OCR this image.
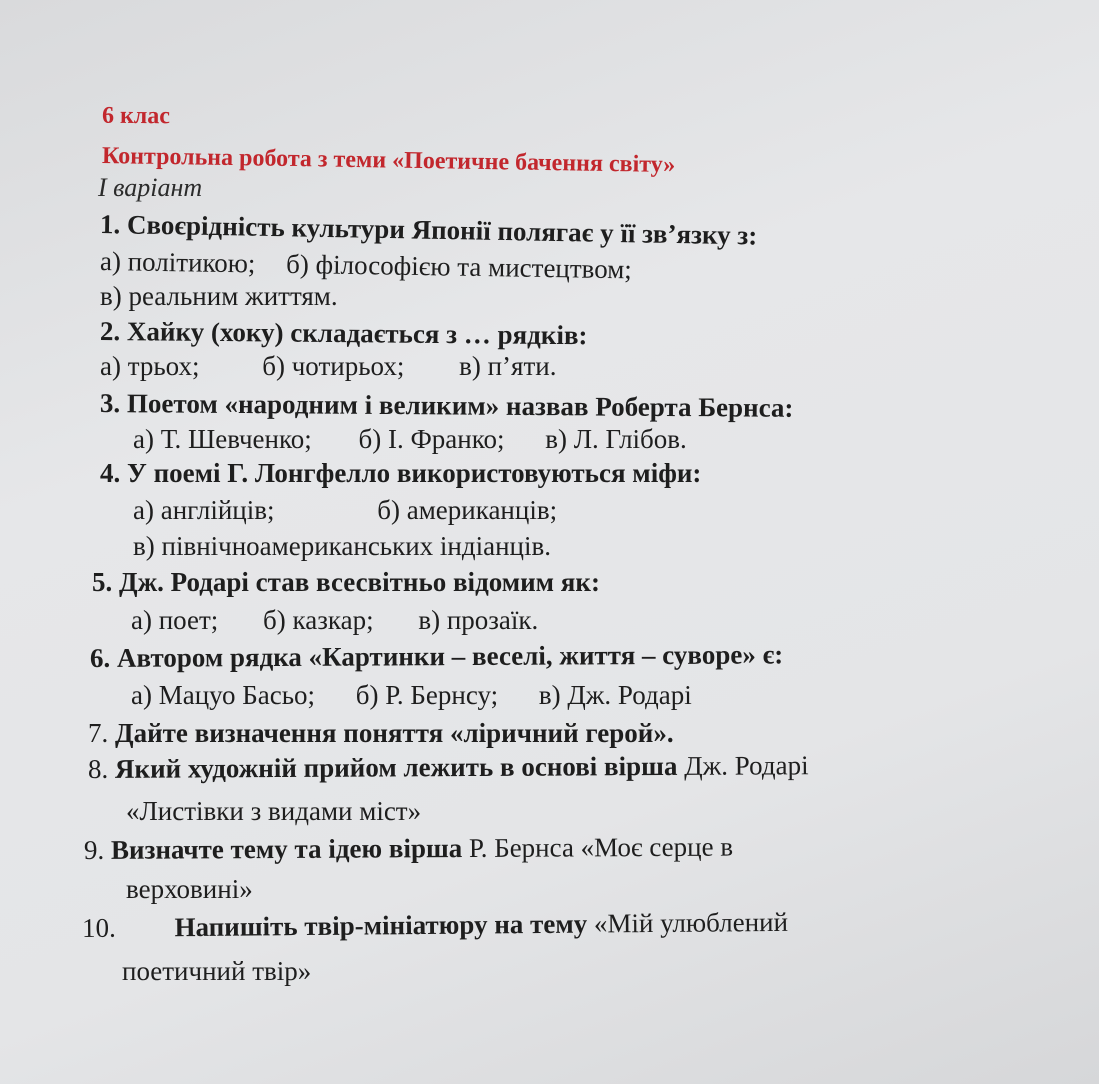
6 клас
Контрольна робота з теми «Поетичне бачення світу»
І варіант
1. Своєрідність культури Японії полягає у її зв’язку з:
а) політикою; б) філософією та мистецтвом;
в) реальним життям.
2. Хайку (хоку) складається з … рядків:
а) трьох; б) чотирьох; в) п’яти.
3. Поетом «народним і великим» назвав Роберта Бернса:
а) Т. Шевченко; б) І. Франко; в) Л. Глібов.
4. У поемі Г. Лонгфелло використовуються міфи:
а) англійців;	б) американців;
в) північноамериканських індіанців.
5. Дж. Родарі став всесвітньо відомим як:
а) поет; б) казкар; в) прозаїк.
6. Автором рядка «Картинки – веселі, життя – суворе» є:
а) Мацуо Басьо; б) Р. Бернсу; в) Дж. Родарі
7. Дайте визначення поняття «ліричний герой».
8. Який художній прийом лежить в основі вірша Дж. Родарі
«Листівки з видами міст»
9. Визначте тему та ідею вірша Р. Бернса «Моє серце в
верховині»
10. Напишіть твір-мініатюру на тему «Мій улюблений
поетичний твір»
